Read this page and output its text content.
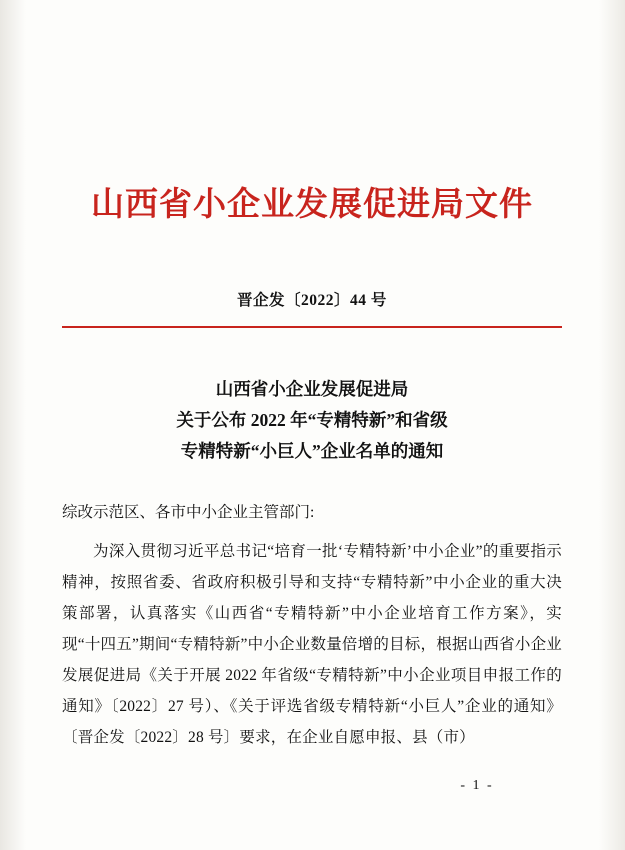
山西省小企业发展促进局文件
晋企发〔2022〕44 号
山西省小企业发展促进局
关于公布 2022 年“专精特新”和省级
专精特新“小巨人”企业名单的通知
综改示范区、各市中小企业主管部门:

为深入贯彻习近平总书记“培育一批‘专精特新’中小企业”的重要指示精神，按照省委、省政府积极引导和支持“专精特新”中小企业的重大决策部署，认真落实《山西省“专精特新”中小企业培育工作方案》，实现“十四五”期间“专精特新”中小企业数量倍增的目标，根据山西省小企业发展促进局《关于开展 2022 年省级“专精特新”中小企业项目申报工作的通知》〔2022〕27 号）、《关于评选省级专精特新“小巨人”企业的通知》〔晋企发〔2022〕28 号〕要求，在企业自愿申报、县（市）

- 1 -
